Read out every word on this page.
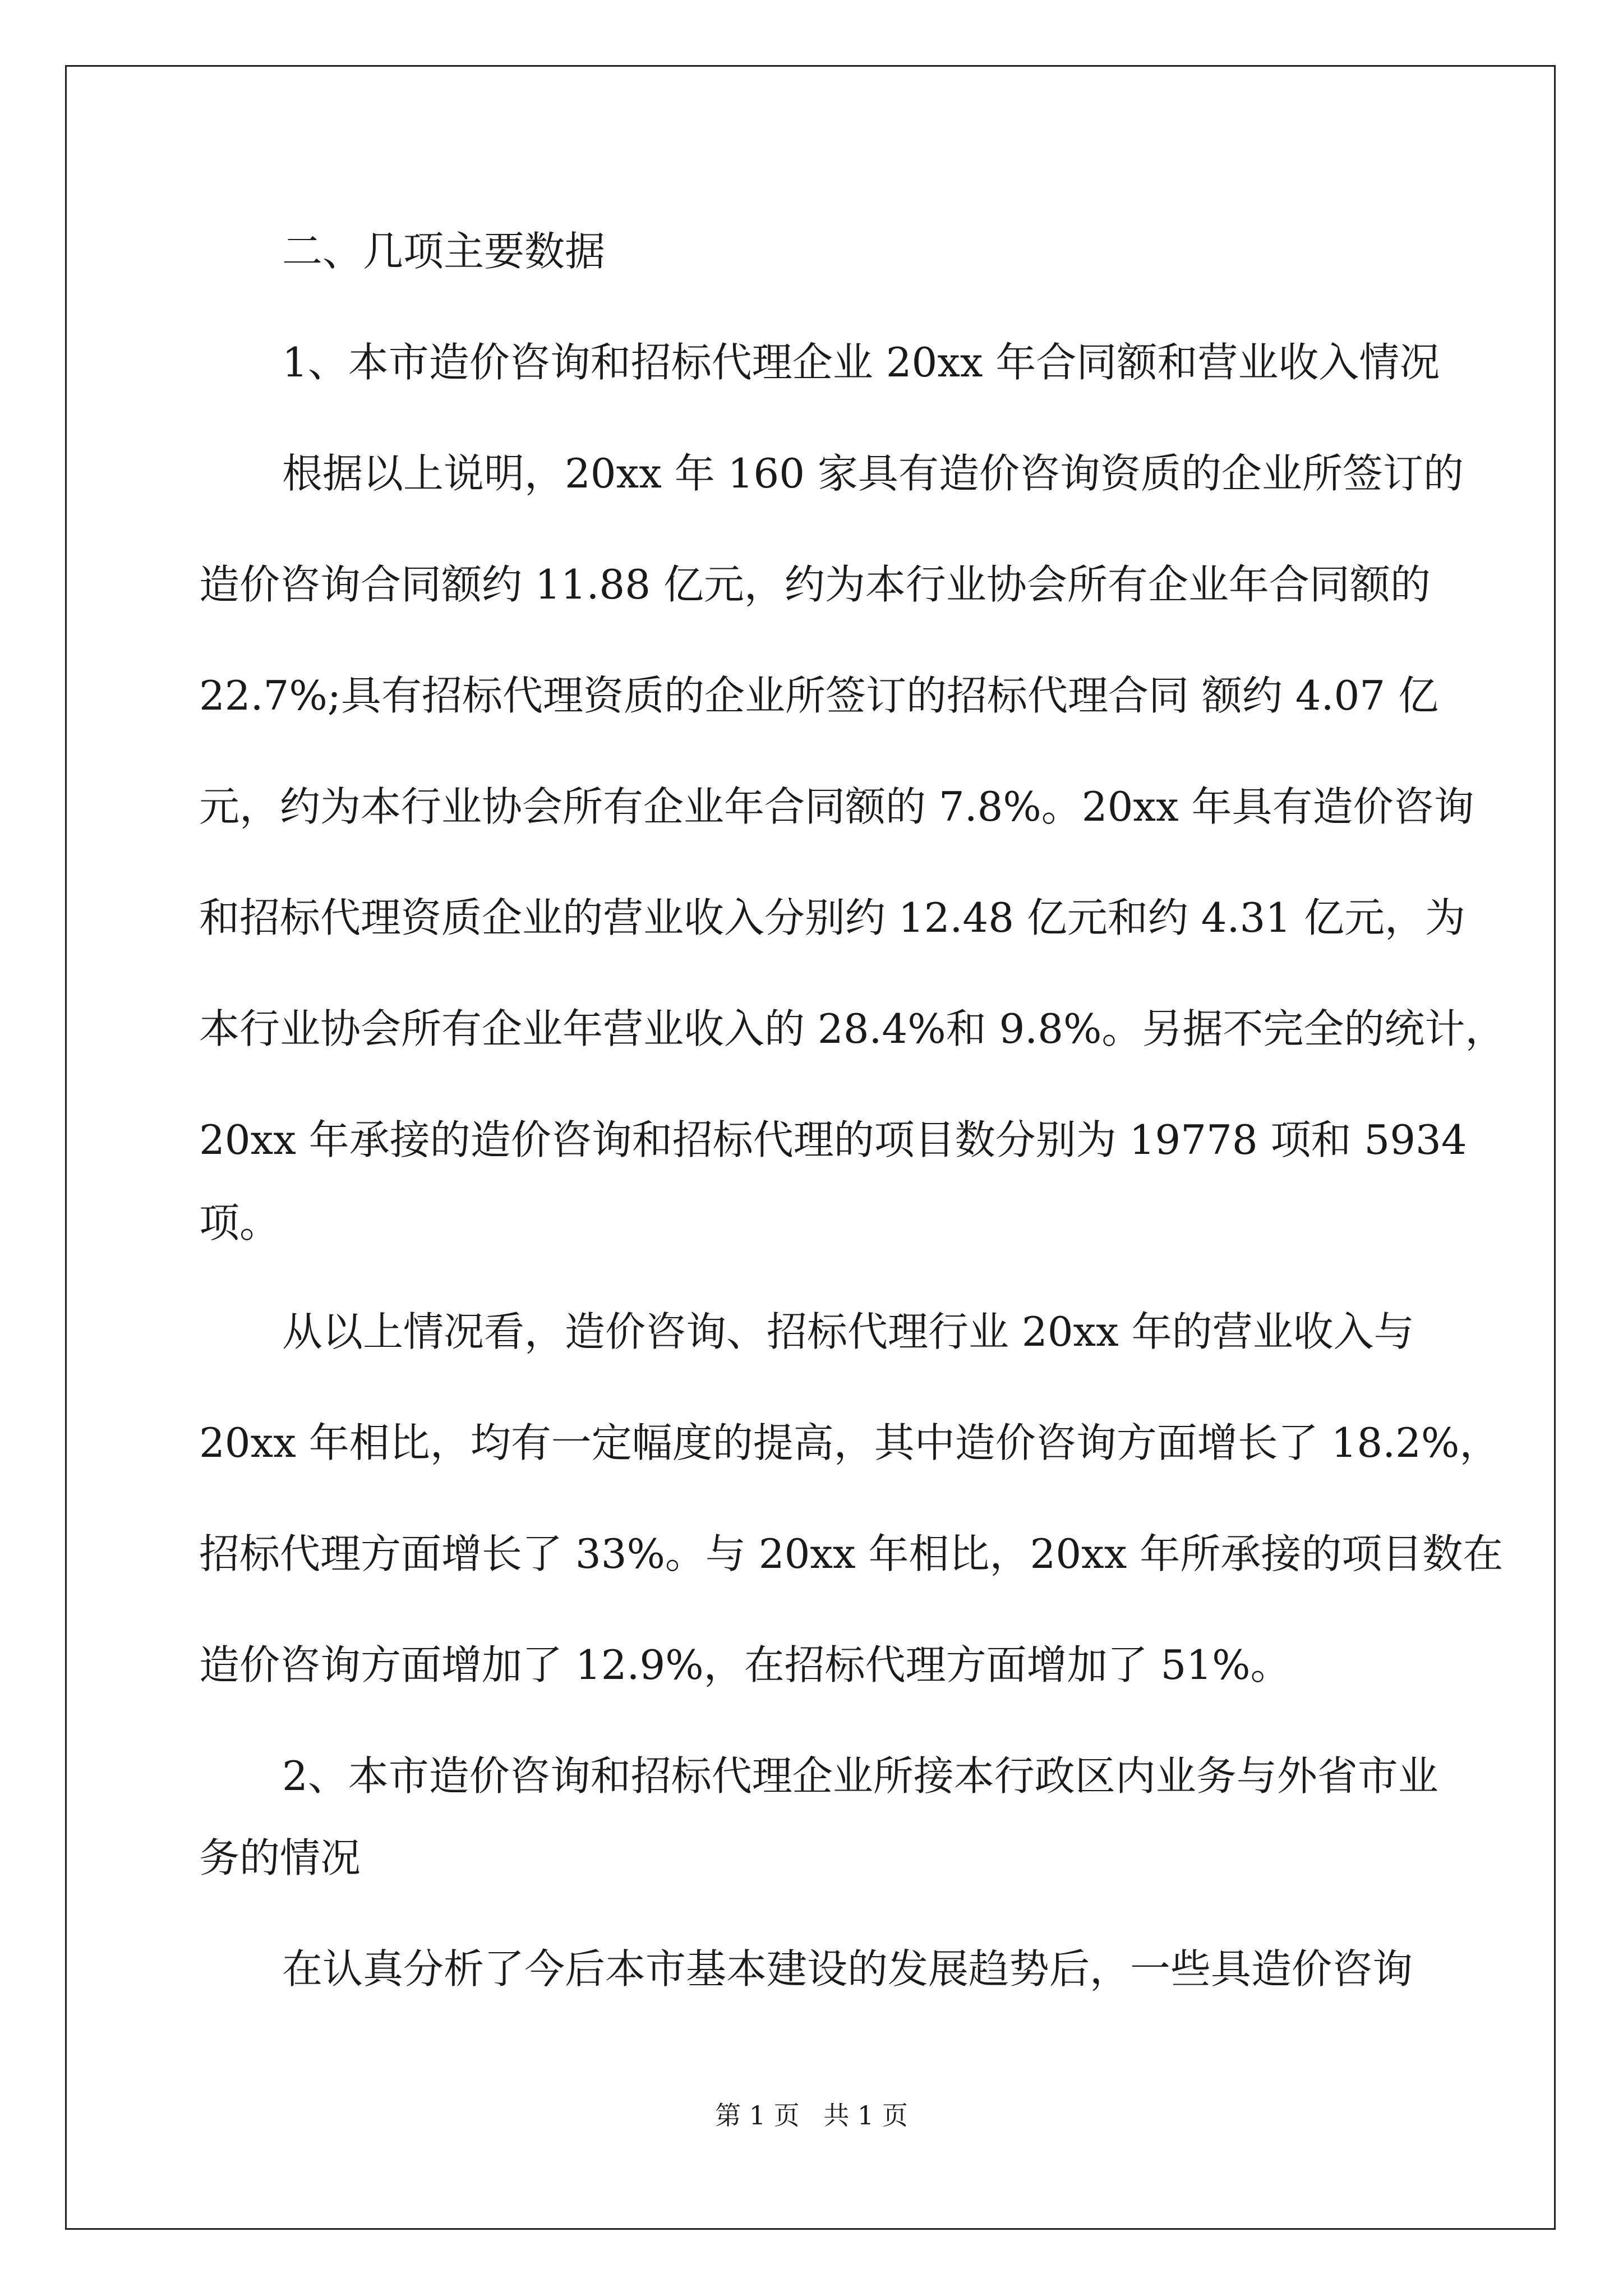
二、几项主要数据
1、本市造价咨询和招标代理企业 20xx 年合同额和营业收入情况
根据以上说明，20xx 年 160 家具有造价咨询资质的企业所签订的
造价咨询合同额约 11.88 亿元，约为本行业协会所有企业年合同额的
22.7%;具有招标代理资质的企业所签订的招标代理合同 额约 4.07 亿
元，约为本行业协会所有企业年合同额的 7.8%。20xx 年具有造价咨询
和招标代理资质企业的营业收入分别约 12.48 亿元和约 4.31 亿元，为
本行业协会所有企业年营业收入的 28.4%和 9.8%。另据不完全的统计，
20xx 年承接的造价咨询和招标代理的项目数分别为 19778 项和 5934
项。
从以上情况看，造价咨询、招标代理行业 20xx 年的营业收入与
20xx 年相比，均有一定幅度的提高，其中造价咨询方面增长了 18.2%，
招标代理方面增长了 33%。与 20xx 年相比，20xx 年所承接的项目数在
造价咨询方面增加了 12.9%，在招标代理方面增加了 51%。
2、本市造价咨询和招标代理企业所接本行政区内业务与外省市业
务的情况
在认真分析了今后本市基本建设的发展趋势后，一些具造价咨询
第 1 页 共 1 页
